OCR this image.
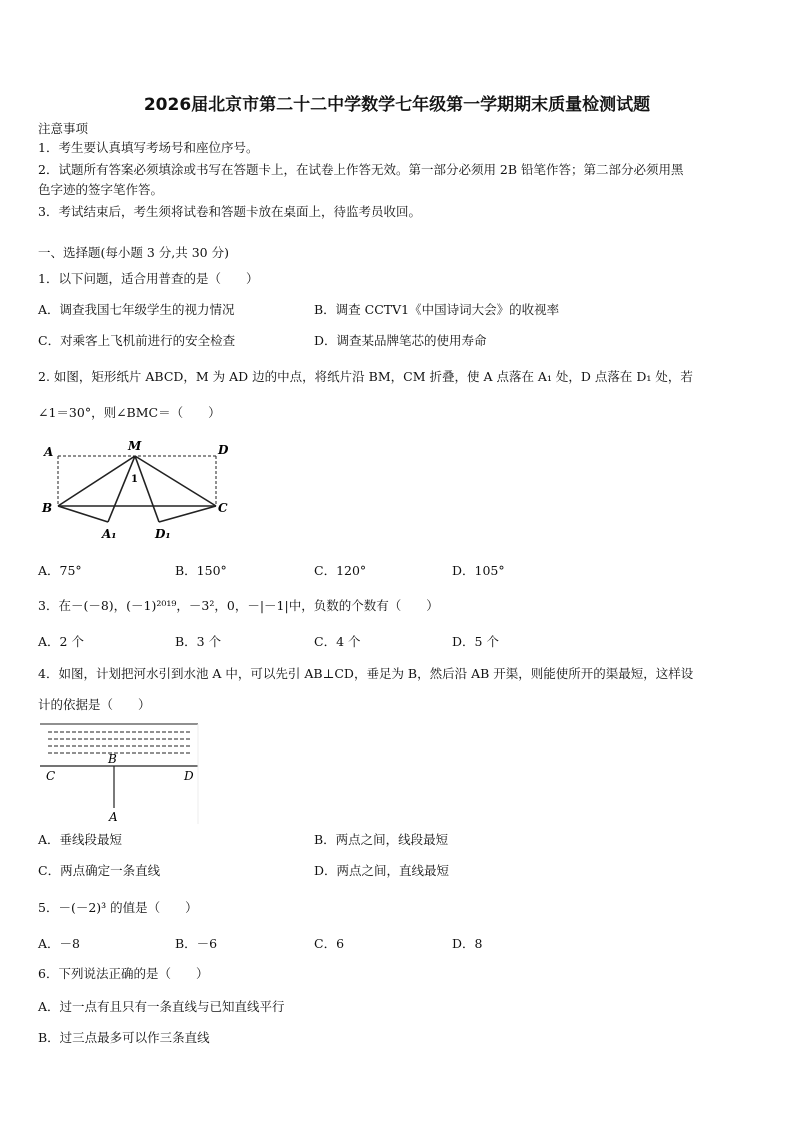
2026届北京市第二十二中学数学七年级第一学期期末质量检测试题
注意事项
1．考生要认真填写考场号和座位序号。
2．试题所有答案必须填涂或书写在答题卡上，在试卷上作答无效。第一部分必须用 2B 铅笔作答；第二部分必须用黑
色字迹的签字笔作答。
3．考试结束后，考生须将试卷和答题卡放在桌面上，待监考员收回。
一、选择题(每小题 3 分,共 30 分)
1．以下问题，适合用普查的是（　　）
A．调查我国七年级学生的视力情况	B．调查 CCTV1《中国诗词大会》的收视率
C．对乘客上飞机前进行的安全检查	D．调查某品牌笔芯的使用寿命
2. 如图，矩形纸片 ABCD，M 为 AD 边的中点，将纸片沿 BM，CM 折叠，使 A 点落在 A₁ 处，D 点落在 D₁ 处，若
∠1＝30°，则∠BMC＝（　　）
A	M	D
B	C
1
A₁	D₁
A．75°	B．150°	C．120°	D．105°
3．在－(－8)，(－1)²⁰¹⁹，－3²，0，－|－1|中，负数的个数有（　　）
A．2 个	B．3 个	C．4 个	D．5 个
4．如图，计划把河水引到水池 A 中，可以先引 AB⊥CD，垂足为 B，然后沿 AB 开渠，则能使所开的渠最短，这样设
计的依据是（　　）
B
C	D
A
A．垂线段最短	B．两点之间，线段最短
C．两点确定一条直线	D．两点之间，直线最短
5．－(－2)³ 的值是（　　）
A．－8	B．－6	C．6	D．8
6．下列说法正确的是（　　）
A．过一点有且只有一条直线与已知直线平行
B．过三点最多可以作三条直线
